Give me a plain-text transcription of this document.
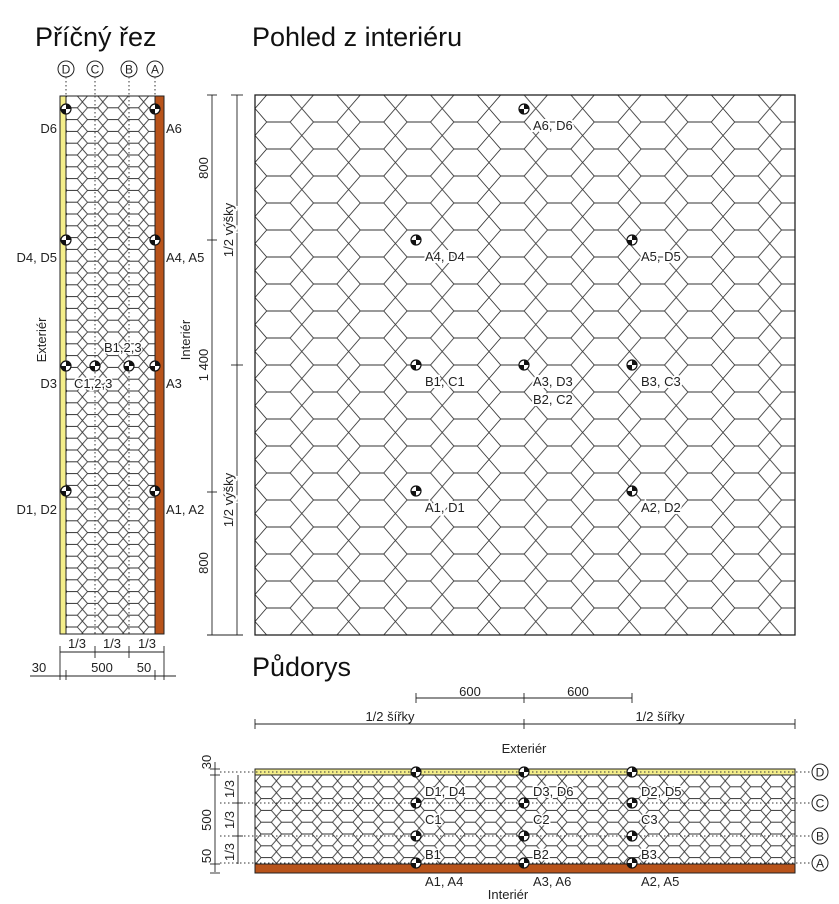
Příčný řez	Pohled z interiéru
Půdorys
D C B A
D6
D4, D5
D3
D1, D2
A6
A4, A5
A3
A1, A2
B1,2,3
C1,2,3
Exteriér	Interiér
1/3 1/3 1/3
30	500 50
800
1/2 výšky
1 400
1/2 výšky
800
A6, D6
A4, D4	A5, D5
B1, C1	A3, D3
B2, C2
B3, C3
A1, D1	A2, D2
600	600
1/2 šířky	1/2 šířky
Exteriér
D
C
B
A
30
500
50
1/3
1/3
1/3
D1, D4	D3, D6	D2, D5
C1	C2	C3
B1	B2	B3
A1, A4	A3, A6	A2, A5
Interiér
